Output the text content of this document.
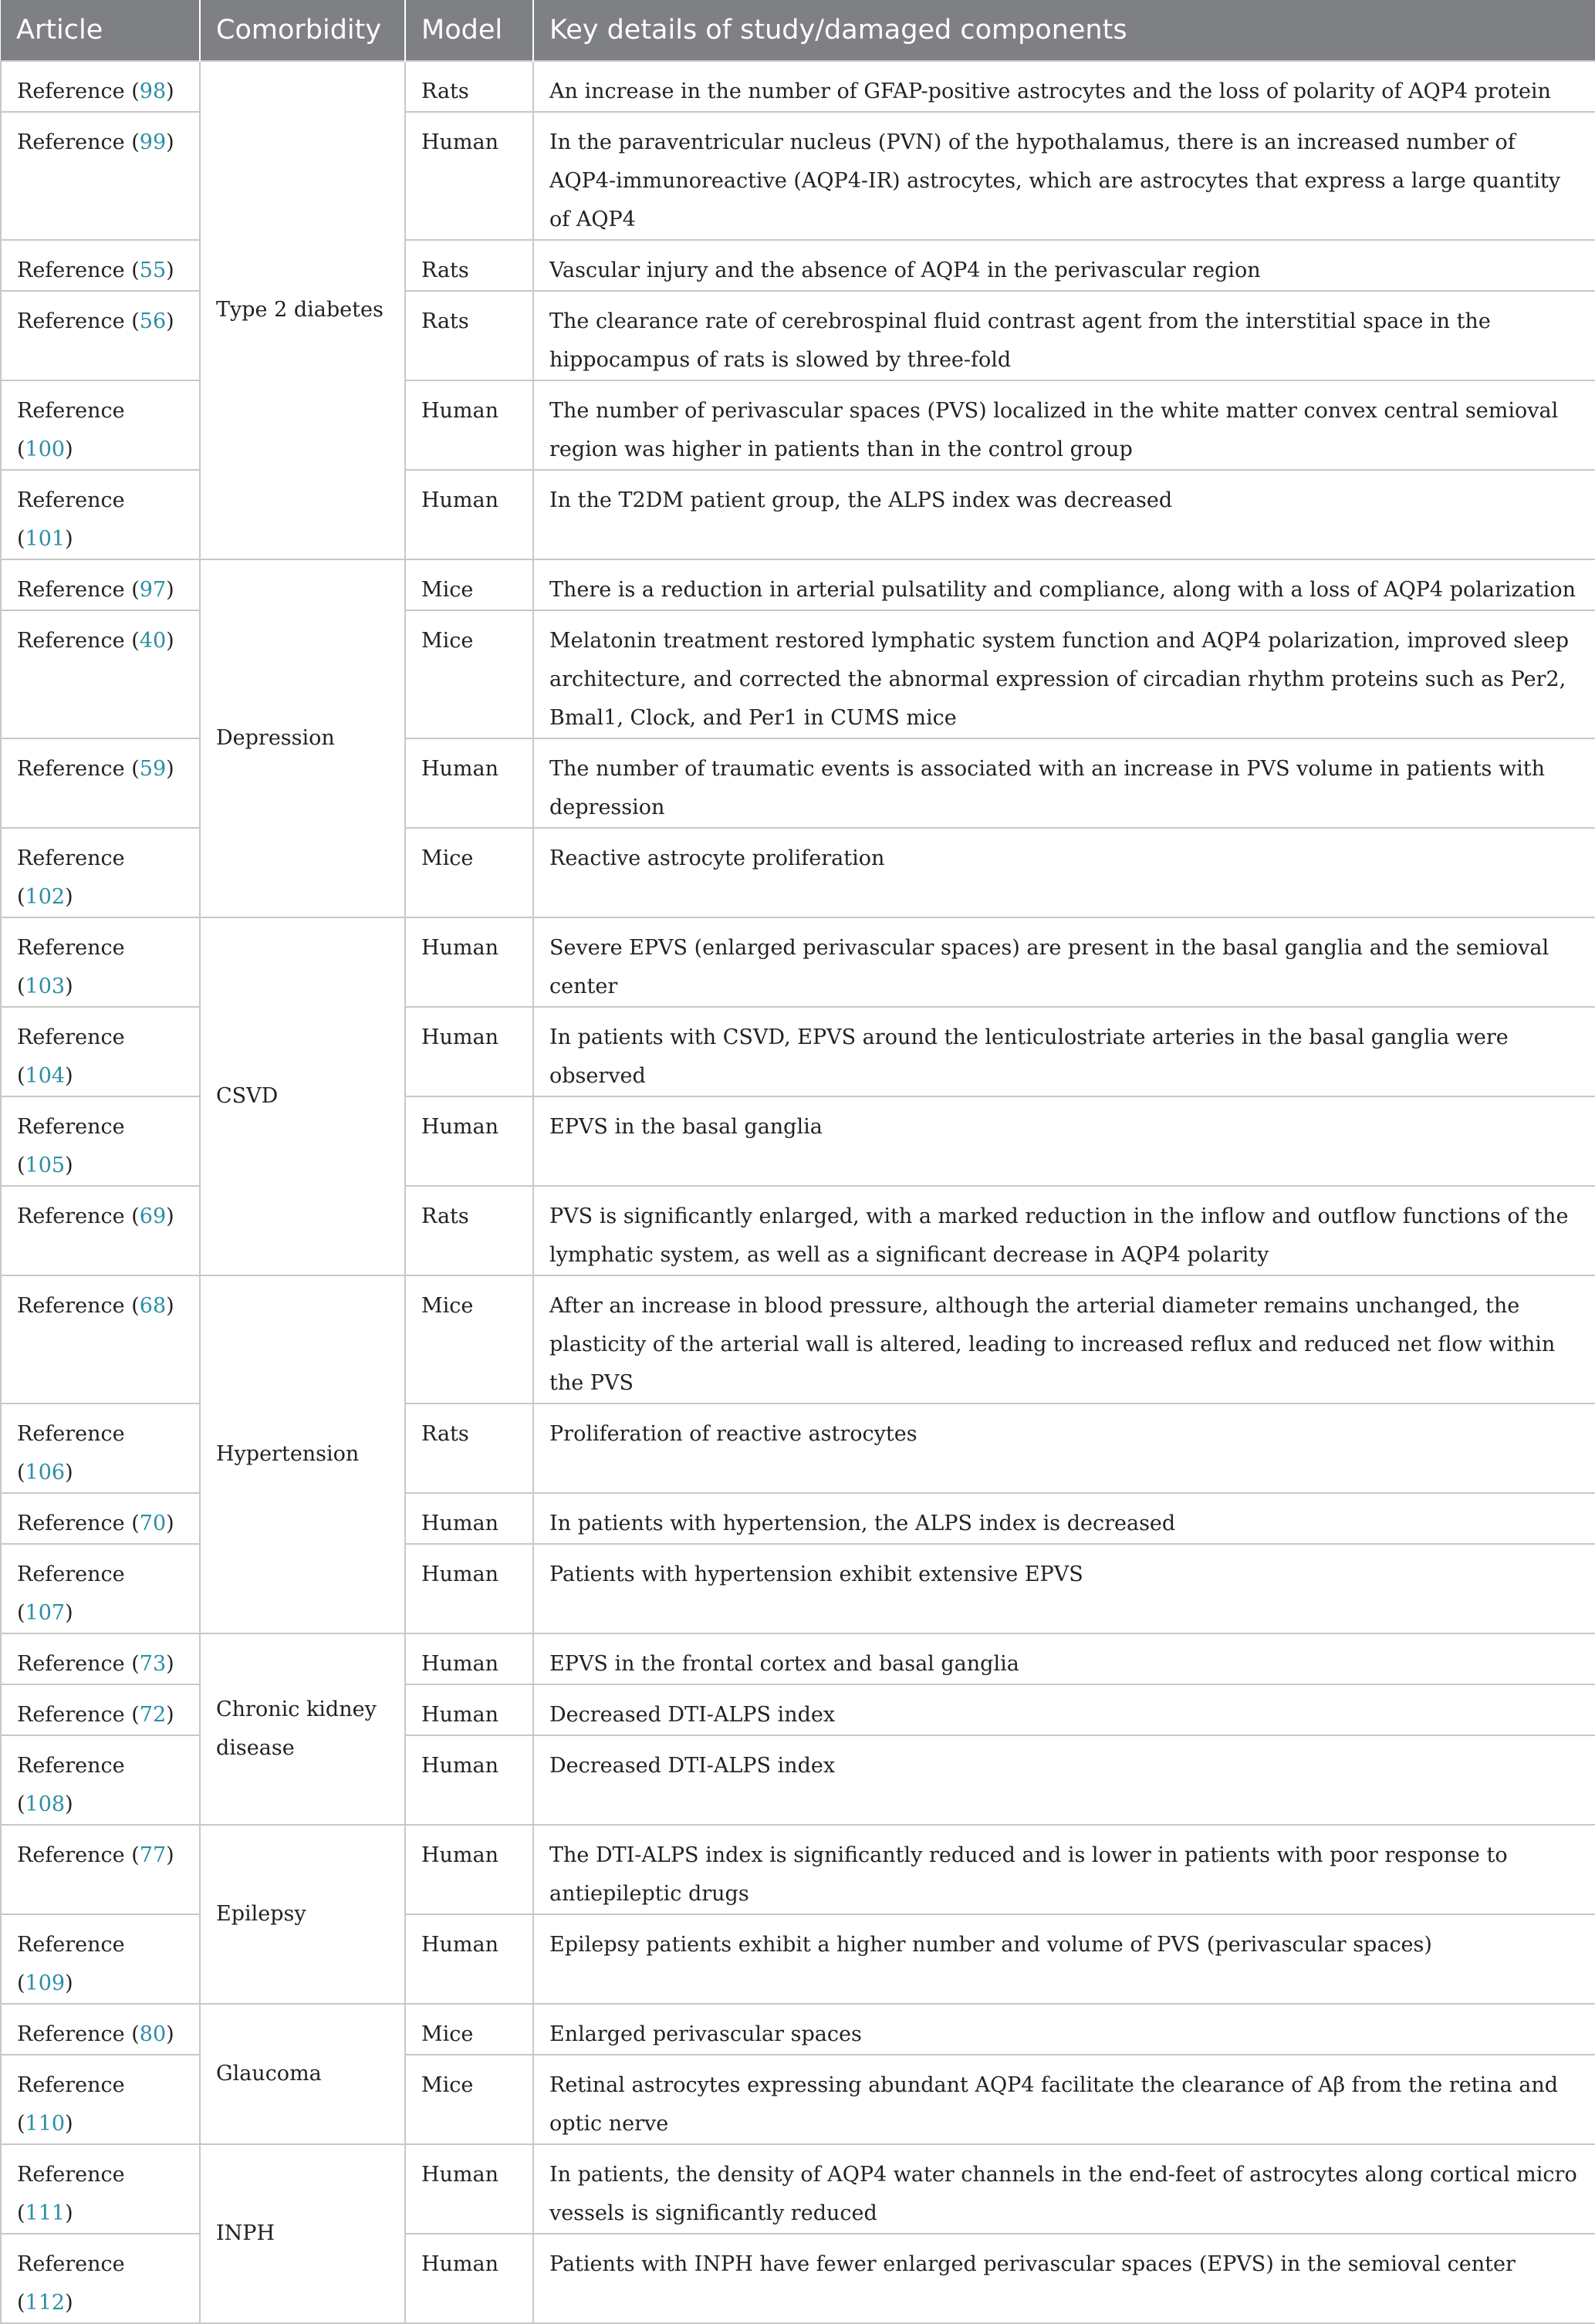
Article	Comorbidity	Model	Key details of study/damaged components
Reference (98)	Type 2 diabetes	Rats	An increase in the number of GFAP-positive astrocytes and the loss of polarity of AQP4 protein
Reference (99)		Human	In the paraventricular nucleus (PVN) of the hypothalamus, there is an increased number of AQP4-immunoreactive (AQP4-IR) astrocytes, which are astrocytes that express a large quantity of AQP4
Reference (55)		Rats	Vascular injury and the absence of AQP4 in the perivascular region
Reference (56)		Rats	The clearance rate of cerebrospinal fluid contrast agent from the interstitial space in the hippocampus of rats is slowed by three-fold
Reference (100)		Human	The number of perivascular spaces (PVS) localized in the white matter convex central semioval region was higher in patients than in the control group
Reference (101)		Human	In the T2DM patient group, the ALPS index was decreased
Reference (97)	Depression	Mice	There is a reduction in arterial pulsatility and compliance, along with a loss of AQP4 polarization
Reference (40)		Mice	Melatonin treatment restored lymphatic system function and AQP4 polarization, improved sleep architecture, and corrected the abnormal expression of circadian rhythm proteins such as Per2, Bmal1, Clock, and Per1 in CUMS mice
Reference (59)		Human	The number of traumatic events is associated with an increase in PVS volume in patients with depression
Reference (102)		Mice	Reactive astrocyte proliferation
Reference (103)	CSVD	Human	Severe EPVS (enlarged perivascular spaces) are present in the basal ganglia and the semioval center
Reference (104)		Human	In patients with CSVD, EPVS around the lenticulostriate arteries in the basal ganglia were observed
Reference (105)		Human	EPVS in the basal ganglia
Reference (69)		Rats	PVS is significantly enlarged, with a marked reduction in the inflow and outflow functions of the lymphatic system, as well as a significant decrease in AQP4 polarity
Reference (68)	Hypertension	Mice	After an increase in blood pressure, although the arterial diameter remains unchanged, the plasticity of the arterial wall is altered, leading to increased reflux and reduced net flow within the PVS
Reference (106)		Rats	Proliferation of reactive astrocytes
Reference (70)		Human	In patients with hypertension, the ALPS index is decreased
Reference (107)		Human	Patients with hypertension exhibit extensive EPVS
Reference (73)	Chronic kidney disease	Human	EPVS in the frontal cortex and basal ganglia
Reference (72)		Human	Decreased DTI-ALPS index
Reference (108)		Human	Decreased DTI-ALPS index
Reference (77)	Epilepsy	Human	The DTI-ALPS index is significantly reduced and is lower in patients with poor response to antiepileptic drugs
Reference (109)		Human	Epilepsy patients exhibit a higher number and volume of PVS (perivascular spaces)
Reference (80)	Glaucoma	Mice	Enlarged perivascular spaces
Reference (110)		Mice	Retinal astrocytes expressing abundant AQP4 facilitate the clearance of Aβ from the retina and optic nerve
Reference (111)	INPH	Human	In patients, the density of AQP4 water channels in the end-feet of astrocytes along cortical micro vessels is significantly reduced
Reference (112)		Human	Patients with INPH have fewer enlarged perivascular spaces (EPVS) in the semioval center
